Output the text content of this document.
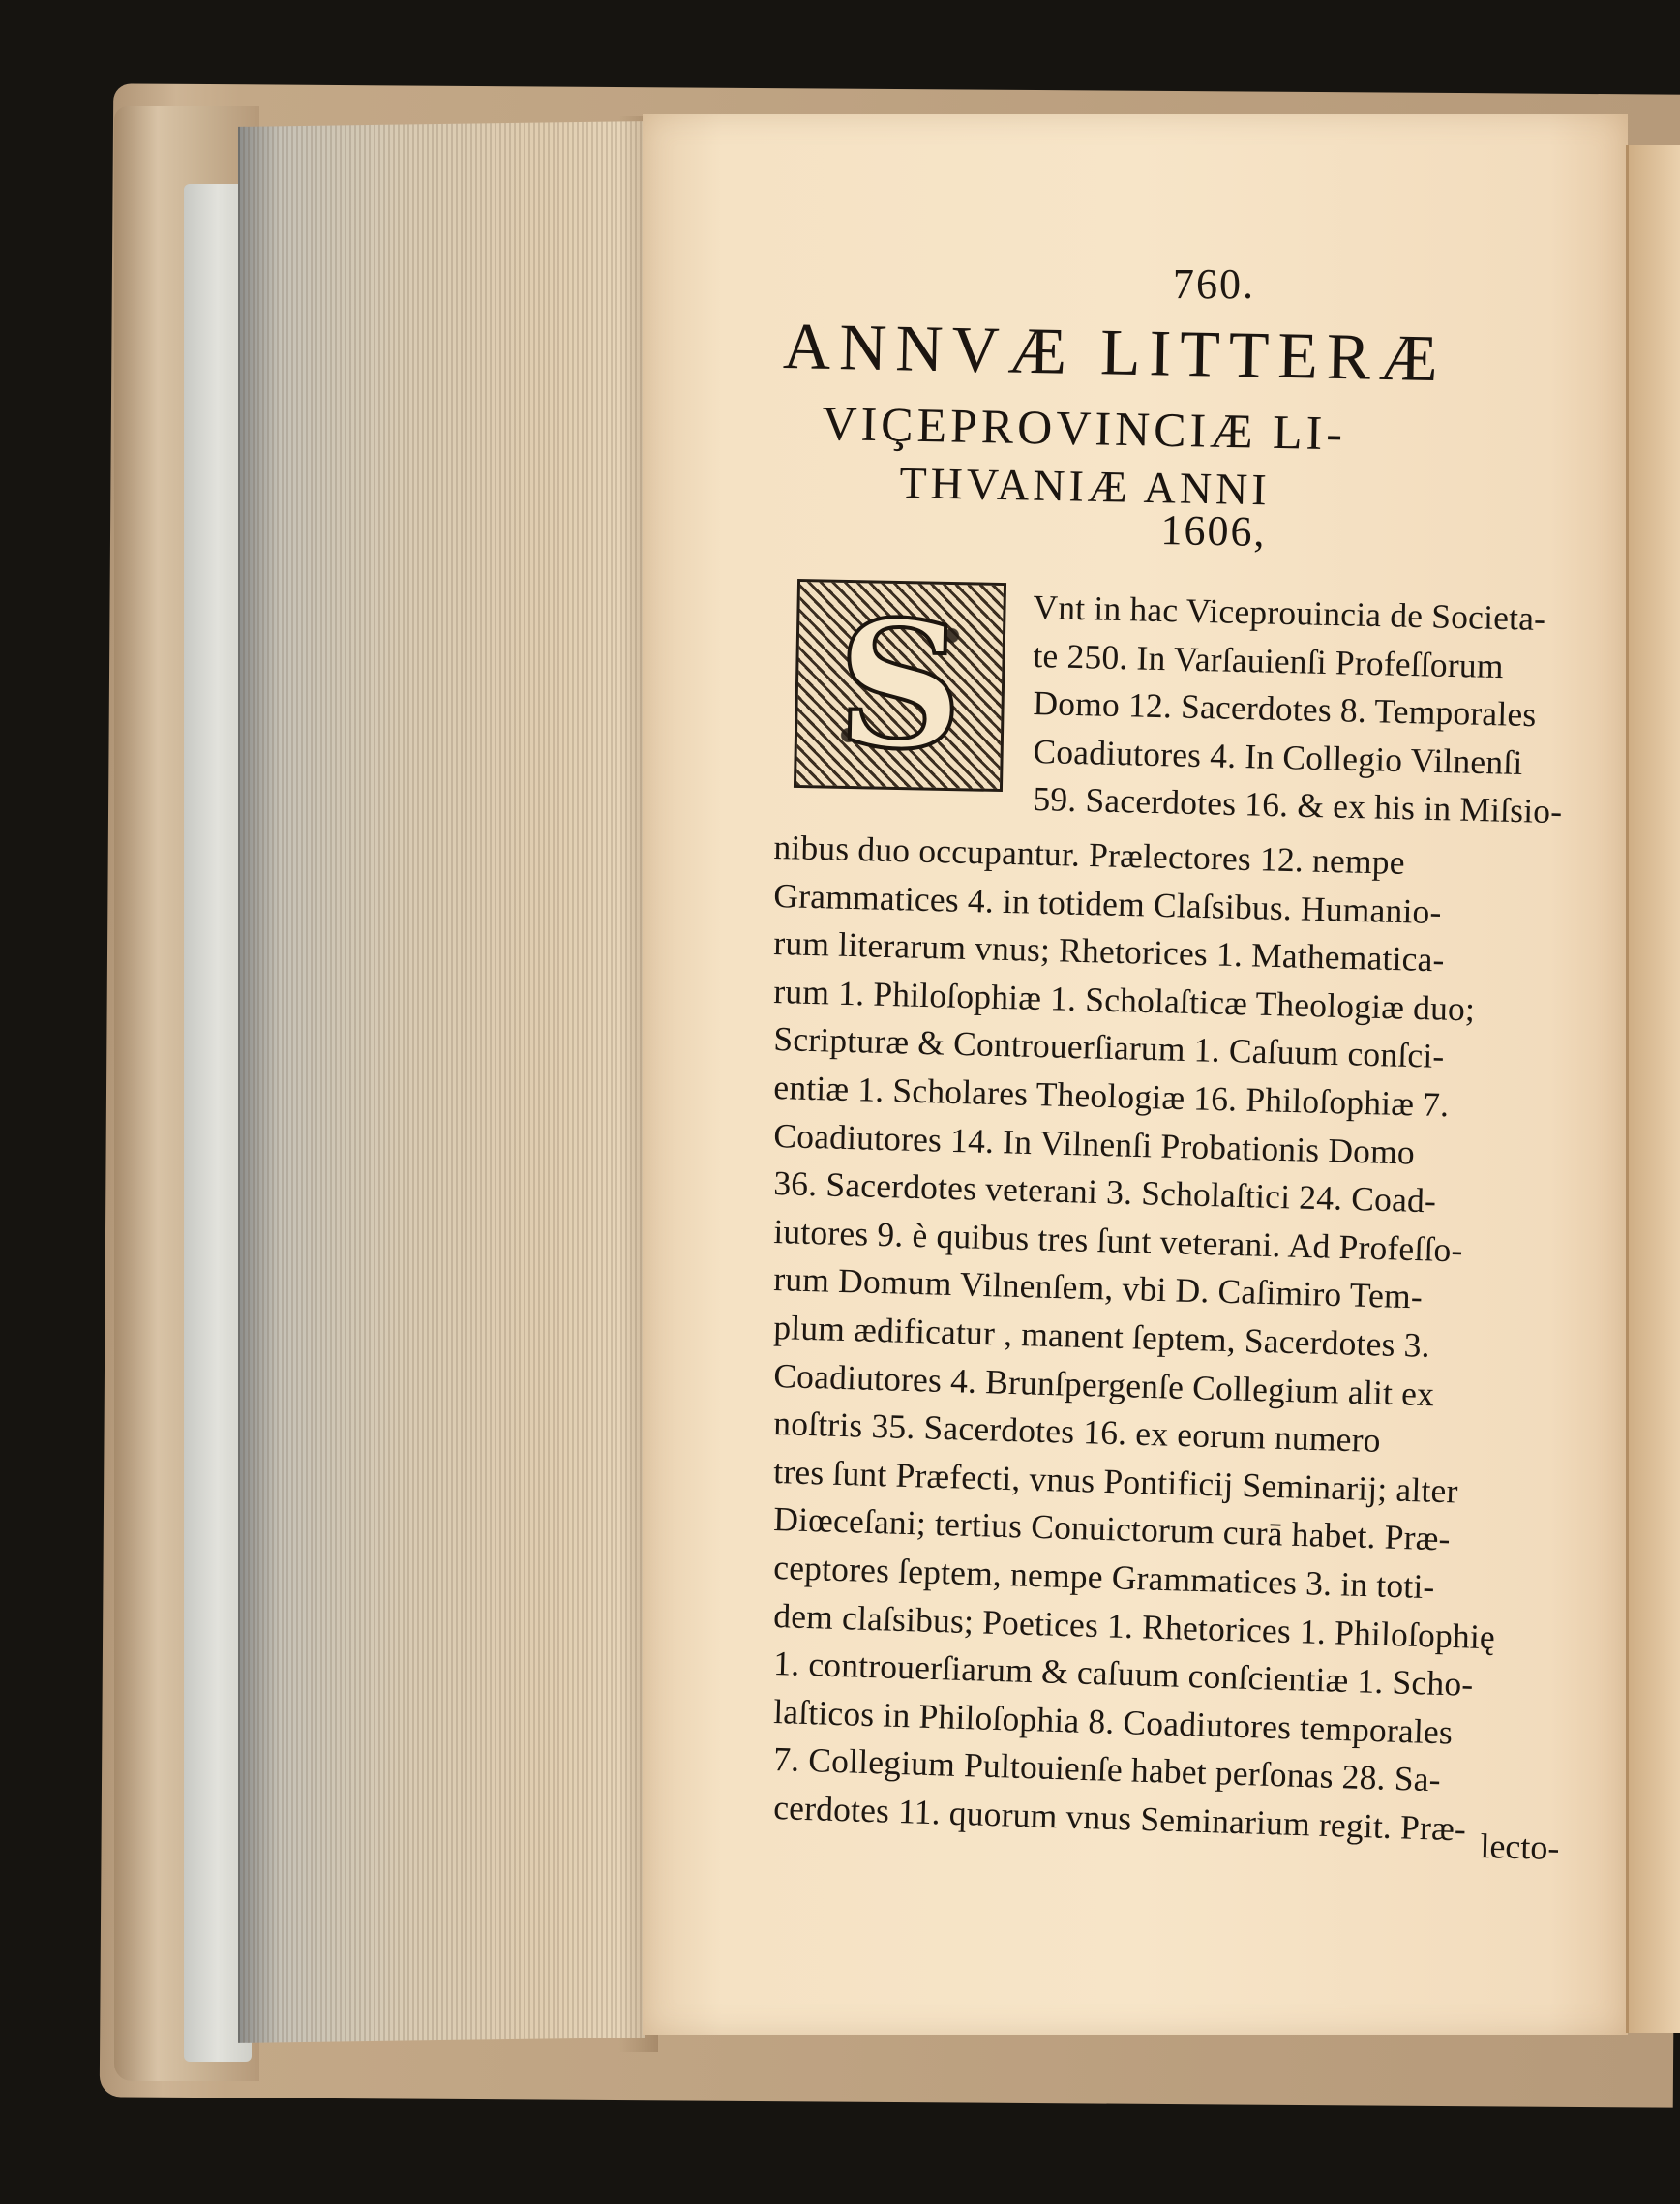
760.
ANNVÆ LITTERÆ
VIÇEPROVINCIÆ LI-
THVANIÆ ANNI
1606,
S	Vnt in hac Viceprouincia de Societa-
te 250. In Varſauienſi Profeſſorum
Domo 12. Sacerdotes 8. Temporales
Coadiutores 4. In Collegio Vilnenſi
59. Sacerdotes 16. & ex his in Miſsio-
nibus duo occupantur. Prælectores 12. nempe
Grammatices 4. in totidem Claſsibus. Humanio-
rum literarum vnus; Rhetorices 1. Mathematica-
rum 1. Philoſophiæ 1. Scholaſticæ Theologiæ duo;
Scripturæ & Controuerſiarum 1. Caſuum conſci-
entiæ 1. Scholares Theologiæ 16. Philoſophiæ 7.
Coadiutores 14. In Vilnenſi Probationis Domo
36. Sacerdotes veterani 3. Scholaſtici 24. Coad-
iutores 9. è quibus tres ſunt veterani. Ad Profeſſo-
rum Domum Vilnenſem, vbi D. Caſimiro Tem-
plum ædificatur , manent ſeptem, Sacerdotes 3.
Coadiutores 4. Brunſpergenſe Collegium alit ex
noſtris 35. Sacerdotes 16. ex eorum numero
tres ſunt Præfecti, vnus Pontificij Seminarij; alter
Diœceſani; tertius Conuictorum curā habet. Præ-
ceptores ſeptem, nempe Grammatices 3. in toti-
dem claſsibus; Poetices 1. Rhetorices 1. Philoſophię
1. controuerſiarum & caſuum conſcientiæ 1. Scho-
laſticos in Philoſophia 8. Coadiutores temporales
7. Collegium Pultouienſe habet perſonas 28. Sa-
cerdotes 11. quorum vnus Seminarium regit. Præ- lecto-
